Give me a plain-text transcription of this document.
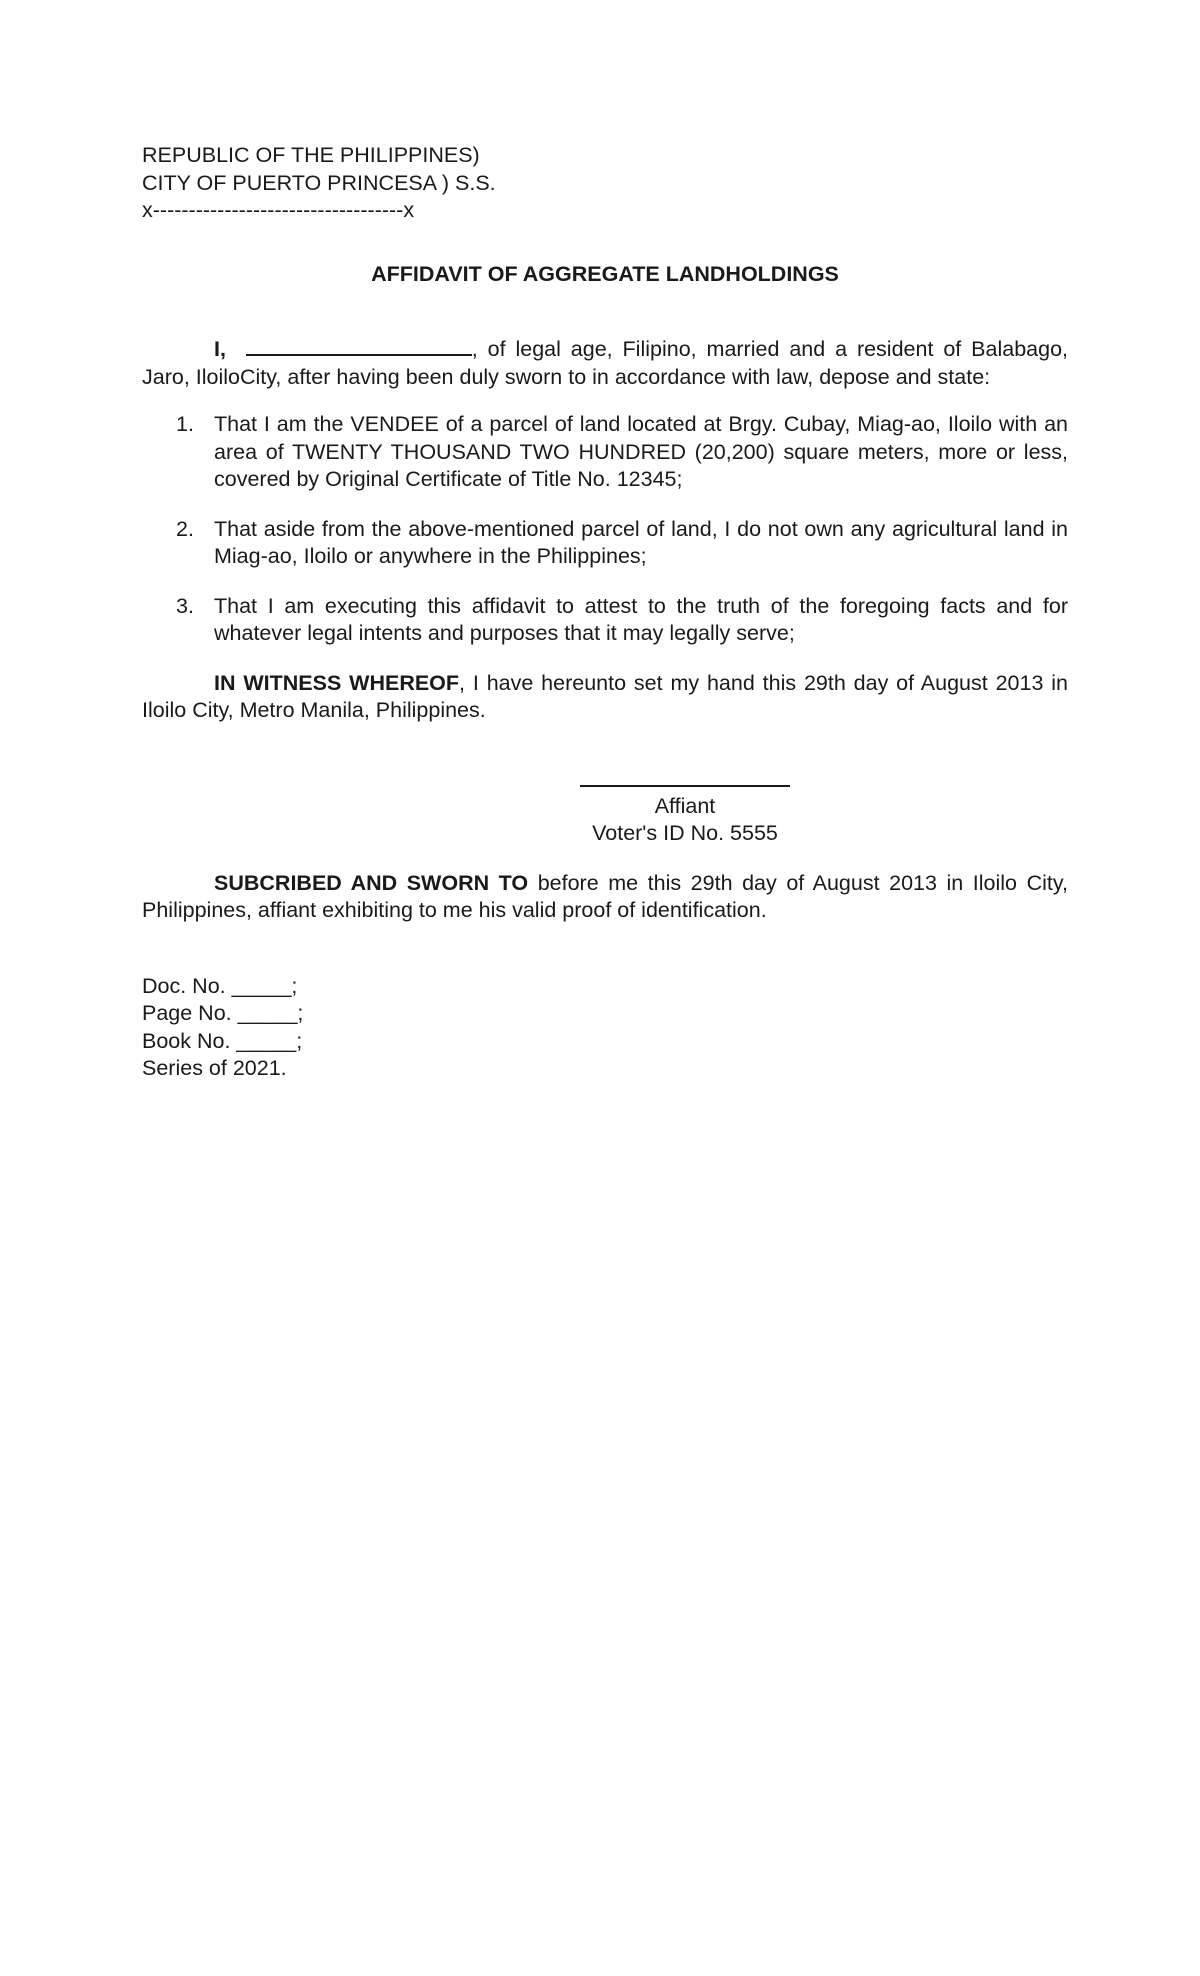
REPUBLIC OF THE PHILIPPINES)
CITY OF PUERTO PRINCESA ) S.S.
x-----------------------------------x
AFFIDAVIT OF AGGREGATE LANDHOLDINGS

I,	, of legal age, Filipino, married and a resident of Balabago, Jaro, IloiloCity, after having been duly sworn to in accordance with law, depose and state:

1. That I am the VENDEE of a parcel of land located at Brgy. Cubay, Miag-ao, Iloilo with an area of TWENTY THOUSAND TWO HUNDRED (20,200) square meters, more or less, covered by Original Certificate of Title No. 12345;
2. That aside from the above-mentioned parcel of land, I do not own any agricultural land in Miag-ao, Iloilo or anywhere in the Philippines;
3. That I am executing this affidavit to attest to the truth of the foregoing facts and for whatever legal intents and purposes that it may legally serve;

IN WITNESS WHEREOF, I have hereunto set my hand this 29th day of August 2013 in Iloilo City, Metro Manila, Philippines.

Affiant
Voter's ID No. 5555

SUBCRIBED AND SWORN TO before me this 29th day of August 2013 in Iloilo City, Philippines, affiant exhibiting to me his valid proof of identification.

Doc. No. _____;
Page No. _____;
Book No. _____;
Series of 2021.
